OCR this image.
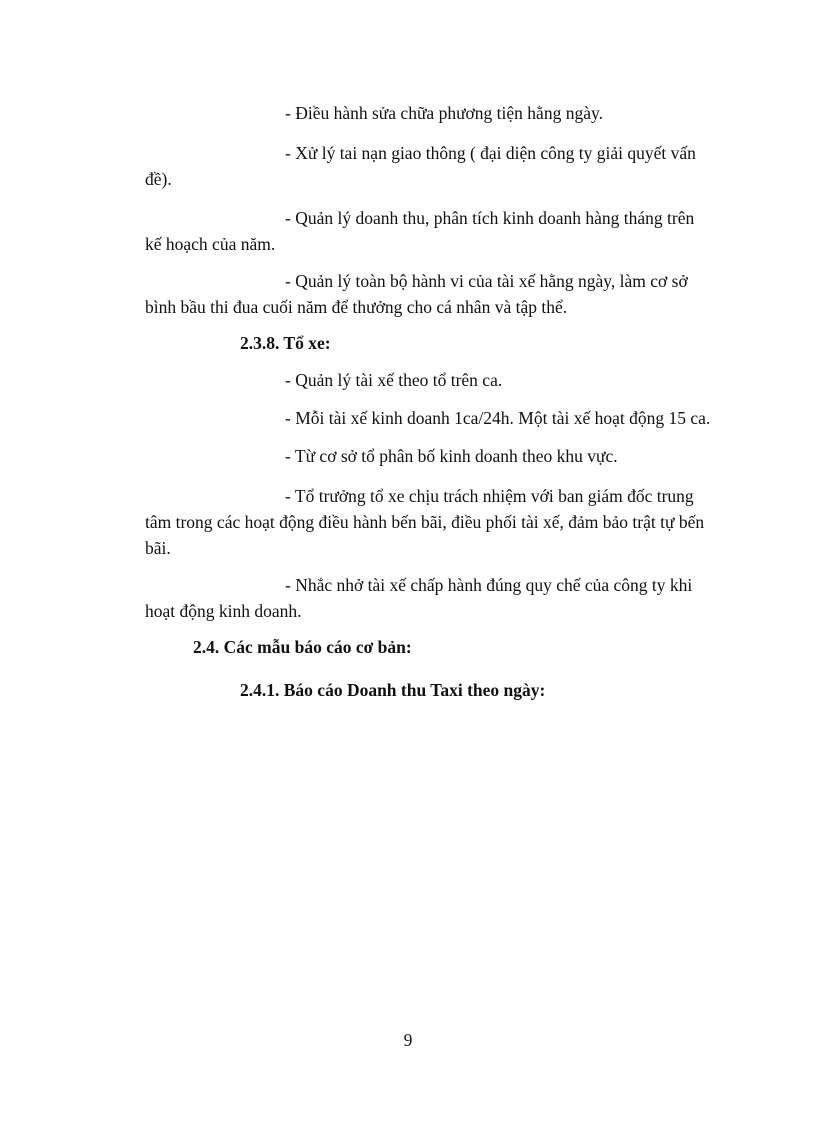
- Điều hành sửa chữa phương tiện hằng ngày.

- Xử lý tai nạn giao thông ( đại diện công ty giải quyết vấn đề).

- Quản lý doanh thu, phân tích kinh doanh hàng tháng trên kế hoạch của năm.

- Quản lý toàn bộ hành vi của tài xế hằng ngày, làm cơ sở bình bầu thi đua cuối năm để thưởng cho cá nhân và tập thể.

2.3.8. Tổ xe:

- Quản lý tài xế theo tổ trên ca.

- Mỗi tài xế kinh doanh 1ca/24h. Một tài xế hoạt động 15 ca.

- Từ cơ sở tổ phân bố kinh doanh theo khu vực.

- Tổ trưởng tổ xe chịu trách nhiệm với ban giám đốc trung tâm trong các hoạt động điều hành bến bãi, điều phối tài xế, đảm bảo trật tự bến bãi.

- Nhắc nhở tài xế chấp hành đúng quy chế của công ty khi hoạt động kinh doanh.

2.4. Các mẫu báo cáo cơ bản:
2.4.1. Báo cáo Doanh thu Taxi theo ngày:
9
